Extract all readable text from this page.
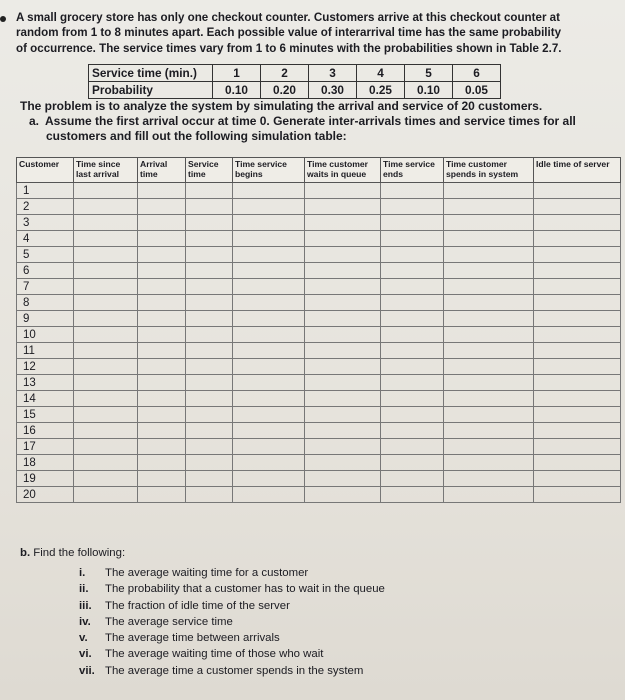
A small grocery store has only one checkout counter. Customers arrive at this checkout counter at

random from 1 to 8 minutes apart. Each possible value of interarrival time has the same probability

of occurrence. The service times vary from 1 to 6 minutes with the probabilities shown in Table 2.7.

Service time (min.)	1	2	3	4	5	6
Probability	0.10	0.20	0.30	0.25	0.10	0.05
The problem is to analyze the system by simulating the arrival and service of 20 customers.
a. Assume the first arrival occur at time 0. Generate inter-arrivals times and service times for all
customers and fill out the following simulation table:
Customer	Time since last arrival	Arrival time	Service time	Time service begins	Time customer waits in queue	Time service ends	Time customer spends in system	Idle time of server
1								
2								
3								
4								
5								
6								
7								
8								
9								
10								
11								
12								
13								
14								
15								
16								
17								
18								
19								
20								
b. Find the following:
i. The average waiting time for a customer
ii. The probability that a customer has to wait in the queue
iii. The fraction of idle time of the server
iv. The average service time
v. The average time between arrivals
vi. The average waiting time of those who wait
vii. The average time a customer spends in the system
